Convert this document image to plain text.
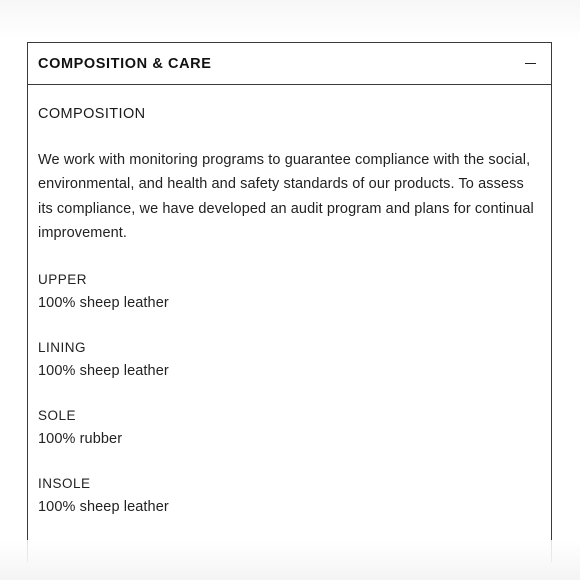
COMPOSITION & CARE

COMPOSITION

We work with monitoring programs to guarantee compliance with the social, environmental, and health and safety standards of our products. To assess its compliance, we have developed an audit program and plans for continual improvement.

UPPER
100% sheep leather
LINING
100% sheep leather
SOLE
100% rubber
INSOLE
100% sheep leather
